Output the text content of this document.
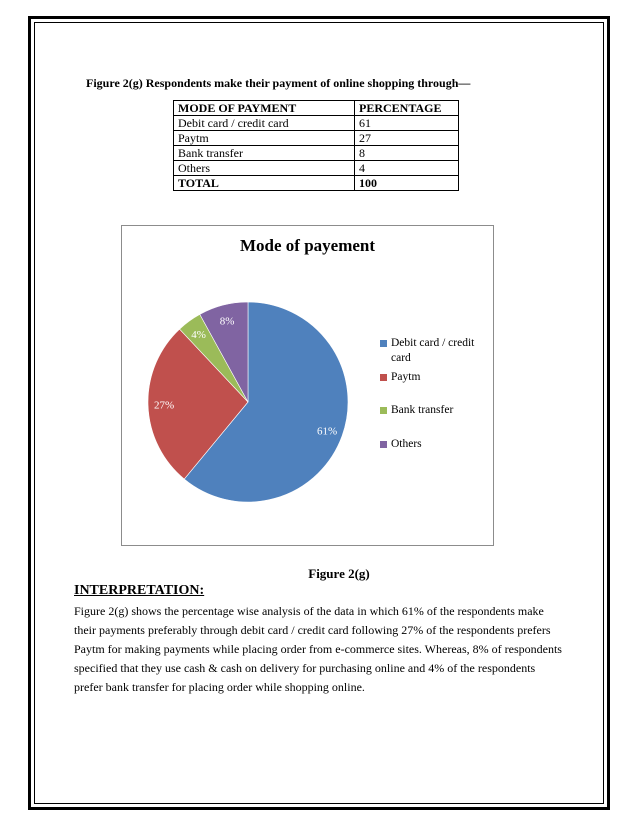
Figure 2(g) Respondents make their payment of online shopping through—
MODE OF PAYMENT	PERCENTAGE
Debit card / credit card	61
Paytm	27
Bank transfer	8
Others	4
TOTAL	100
Mode of payement
61%
27%
4%
8%
Debit card / credit card
Paytm
Bank transfer
Others
Figure 2(g)
INTERPRETATION:
Figure 2(g) shows the percentage wise analysis of the data in which 61% of the respondents make their payments preferably through debit card / credit card following 27% of the respondents prefers Paytm for making payments while placing order from e-commerce sites. Whereas, 8% of respondents specified that they use cash & cash on delivery for purchasing online and 4% of the respondents prefer bank transfer for placing order while shopping online.
